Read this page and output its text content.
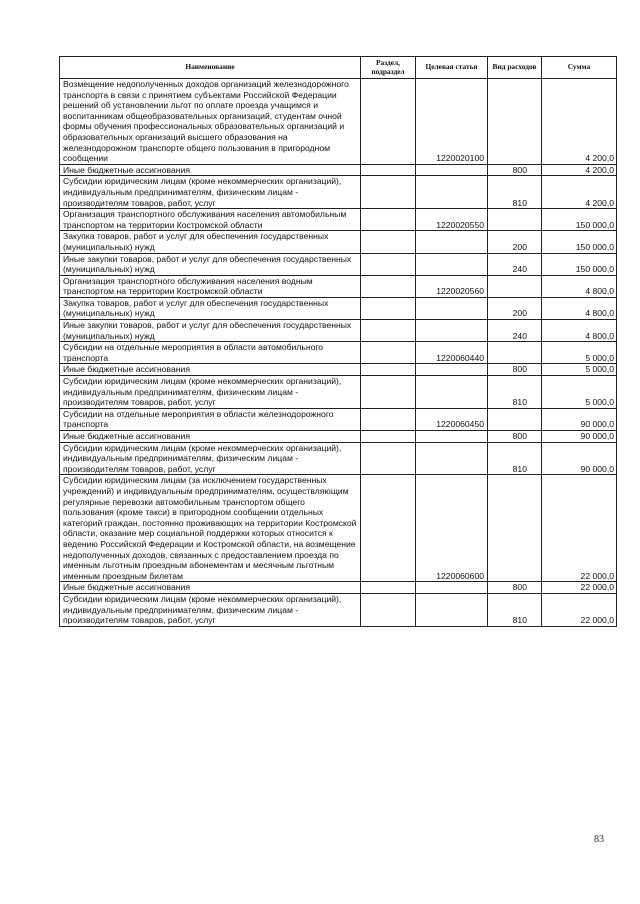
Наименование	Раздел, подраздел	Целевая статья	Вид расходов	Сумма
Возмещение недополученных доходов организаций железнодорожного транспорта в связи с принятием субъектами Российской Федерации решений об установлении льгот по оплате проезда учащимся и воспитанникам общеобразовательных организаций, студентам очной формы обучения профессиональных образовательных организаций и образовательных организаций высшего образования на железнодорожном транспорте общего пользования в пригородном сообщении		1220020100		4 200,0
Иные бюджетные ассигнования			800	4 200,0
Субсидии юридическим лицам (кроме некоммерческих организаций), индивидуальным предпринимателям, физическим лицам - производителям товаров, работ, услуг			810	4 200,0
Организация транспортного обслуживания населения автомобильным транспортом на территории Костромской области		1220020550		150 000,0
Закупка товаров, работ и услуг для обеспечения государственных (муниципальных) нужд			200	150 000,0
Иные закупки товаров, работ и услуг для обеспечения государственных (муниципальных) нужд			240	150 000,0
Организация транспортного обслуживания населения водным транспортом на территории Костромской области		1220020560		4 800,0
Закупка товаров, работ и услуг для обеспечения государственных (муниципальных) нужд			200	4 800,0
Иные закупки товаров, работ и услуг для обеспечения государственных (муниципальных) нужд			240	4 800,0
Субсидии на отдельные мероприятия в области автомобильного транспорта		1220060440		5 000,0
Иные бюджетные ассигнования			800	5 000,0
Субсидии юридическим лицам (кроме некоммерческих организаций), индивидуальным предпринимателям, физическим лицам - производителям товаров, работ, услуг			810	5 000,0
Субсидии на отдельные мероприятия в области железнодорожного транспорта		1220060450		90 000,0
Иные бюджетные ассигнования			800	90 000,0
Субсидии юридическим лицам (кроме некоммерческих организаций), индивидуальным предпринимателям, физическим лицам - производителям товаров, работ, услуг			810	90 000,0
Субсидии юридическим лицам (за исключением государственных учреждений) и индивидуальным предпринимателям, осуществляющим регулярные перевозки автомобильным транспортом общего пользования (кроме такси) в пригородном сообщении отдельных категорий граждан, постоянно проживающих на территории Костромской области, оказание мер социальной поддержки которых относится к ведению Российской Федерации и Костромской области, на возмещение недополученных доходов, связанных с предоставлением проезда по именным льготным проездным абонементам и месячным льготным именным проездным билетам		1220060600		22 000,0
Иные бюджетные ассигнования			800	22 000,0
Субсидии юридическим лицам (кроме некоммерческих организаций), индивидуальным предпринимателям, физическим лицам - производителям товаров, работ, услуг			810	22 000,0
83
